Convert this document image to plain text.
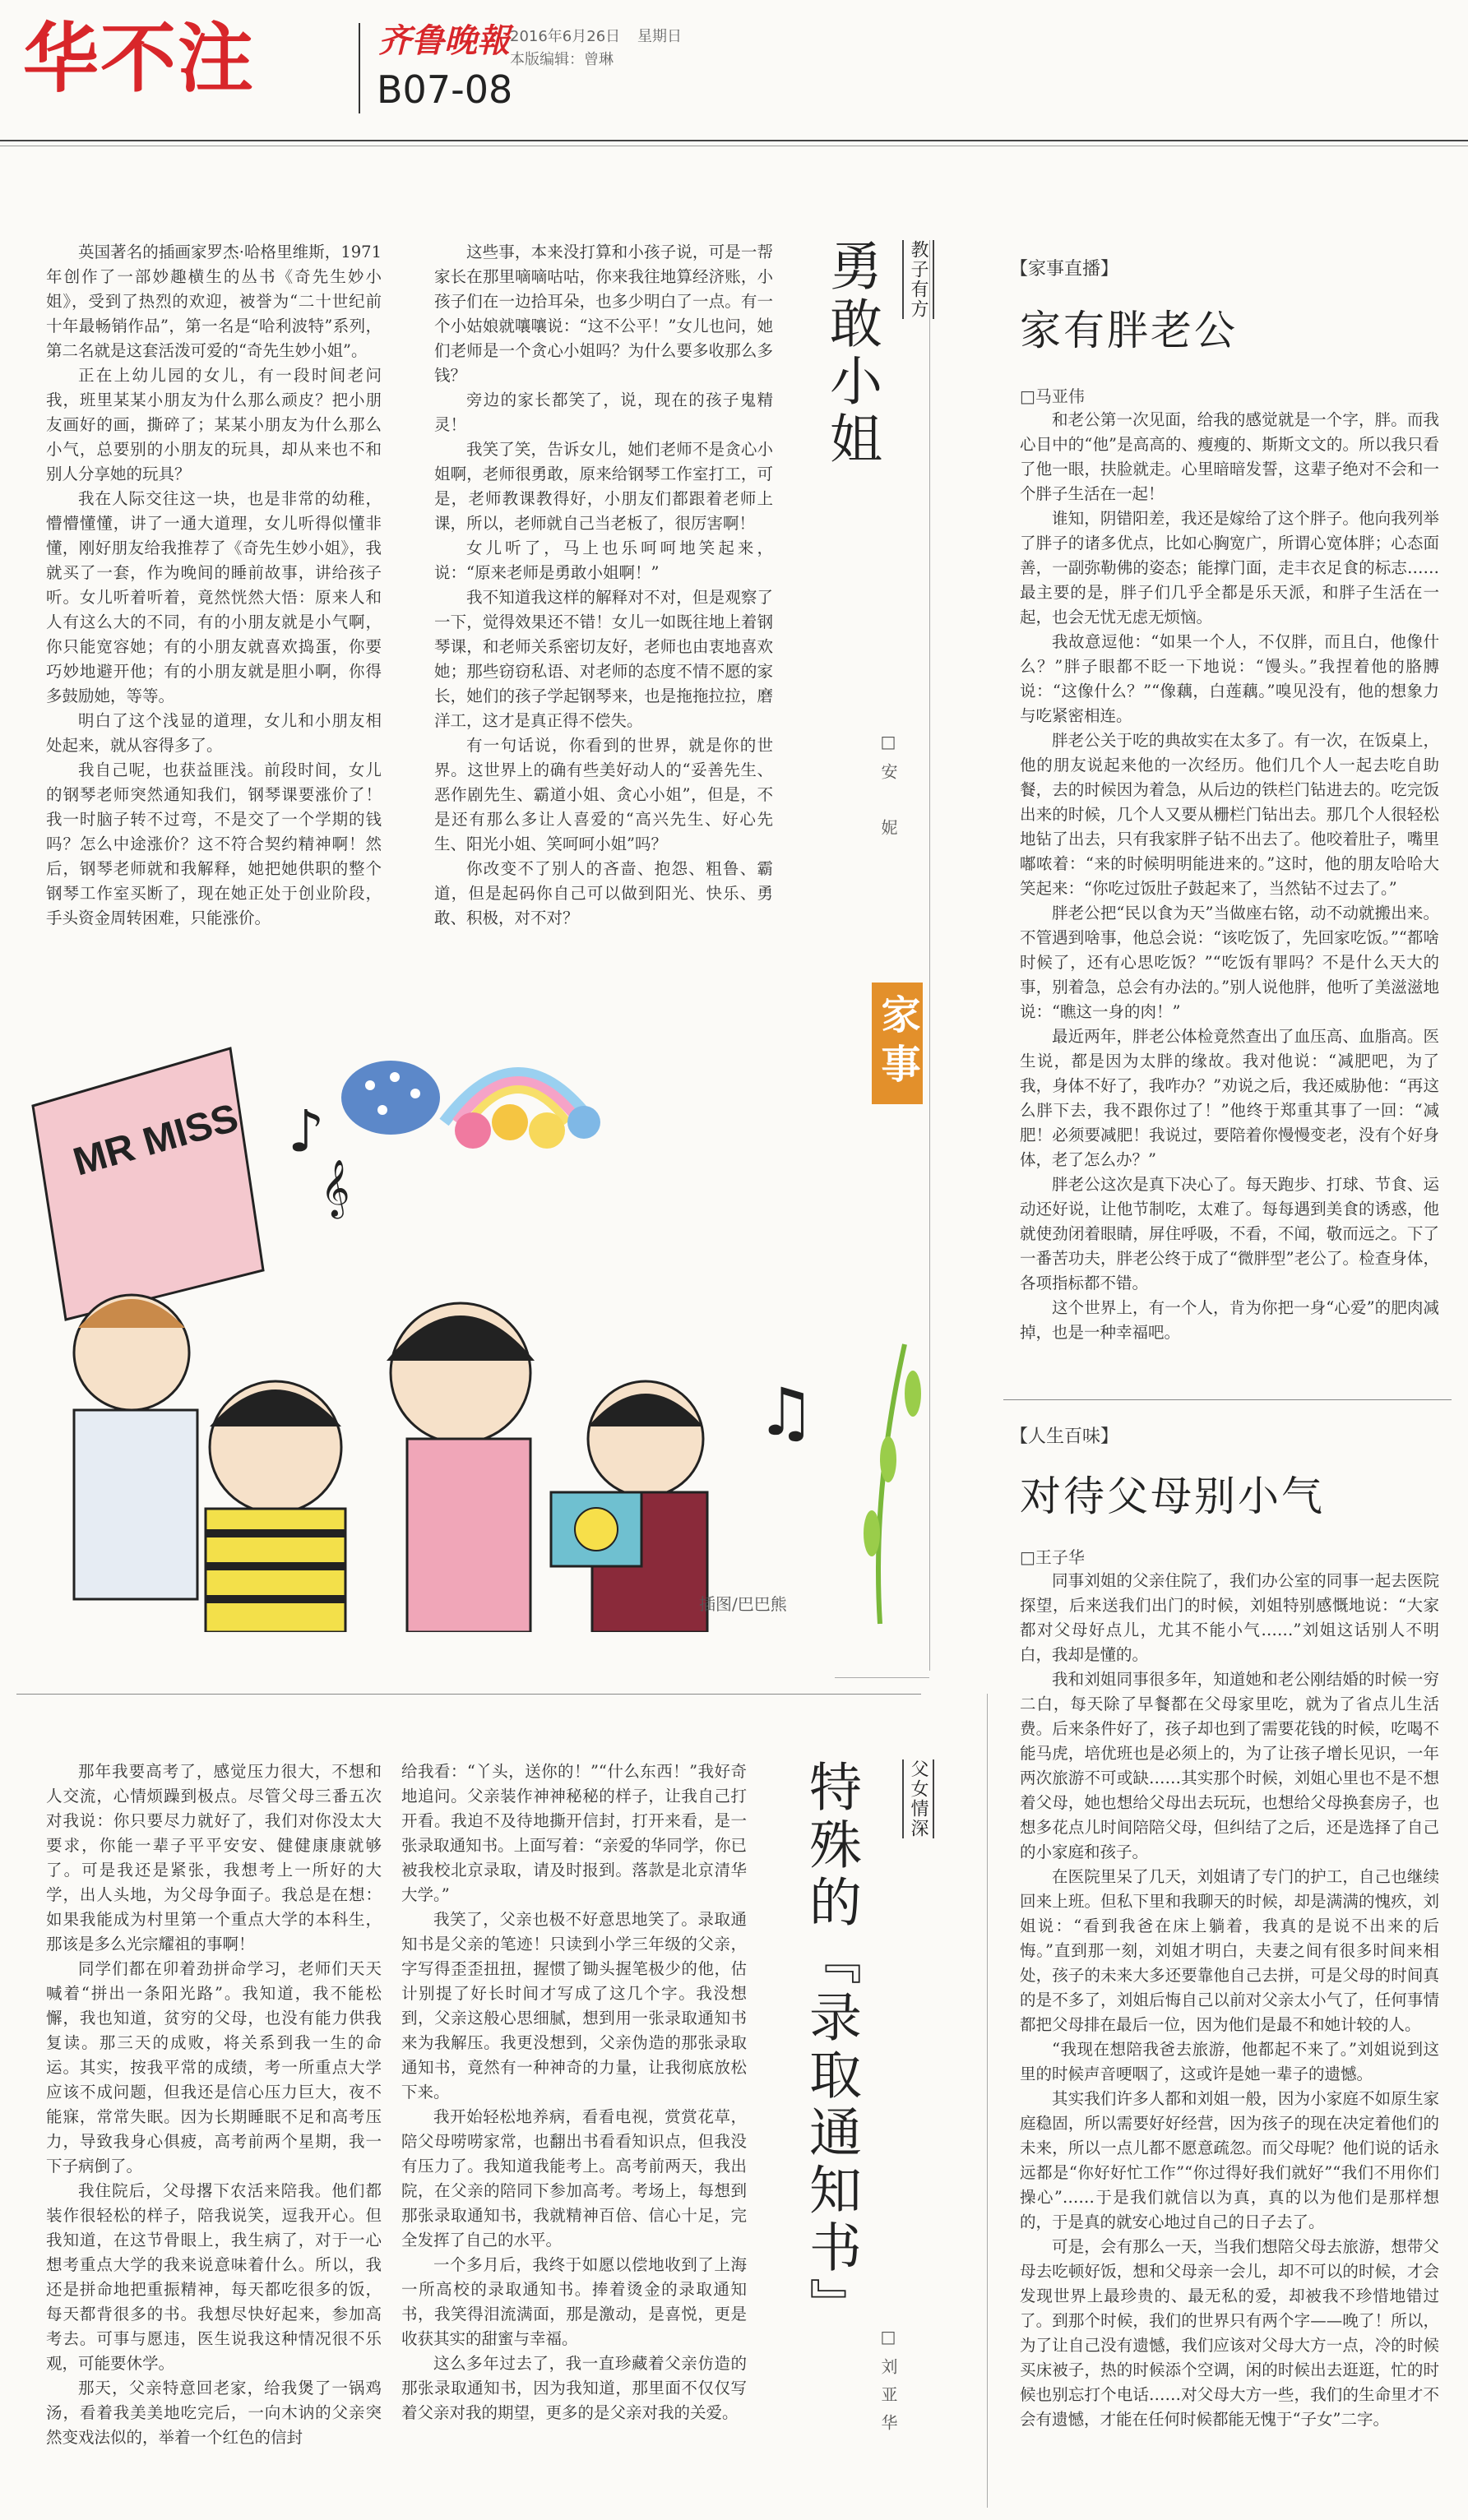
华不注	齐鲁晚報 2016年6月26日 星期日
本版编辑：曾琳
B07-08

英国著名的插画家罗杰·哈格里维斯，1971年创作了一部妙趣横生的丛书《奇先生妙小姐》，受到了热烈的欢迎，被誉为“二十世纪前十年最畅销作品”，第一名是“哈利波特”系列，第二名就是这套活泼可爱的“奇先生妙小姐”。

正在上幼儿园的女儿，有一段时间老问我，班里某某小朋友为什么那么顽皮？把小朋友画好的画，撕碎了；某某小朋友为什么那么小气，总要别的小朋友的玩具，却从来也不和别人分享她的玩具？

我在人际交往这一块，也是非常的幼稚，懵懵懂懂，讲了一通大道理，女儿听得似懂非懂，刚好朋友给我推荐了《奇先生妙小姐》，我就买了一套，作为晚间的睡前故事，讲给孩子听。女儿听着听着，竟然恍然大悟：原来人和人有这么大的不同，有的小朋友就是小气啊，你只能宽容她；有的小朋友就喜欢捣蛋，你要巧妙地避开他；有的小朋友就是胆小啊，你得多鼓励她，等等。

明白了这个浅显的道理，女儿和小朋友相处起来，就从容得多了。

我自己呢，也获益匪浅。前段时间，女儿的钢琴老师突然通知我们，钢琴课要涨价了！我一时脑子转不过弯，不是交了一个学期的钱吗？怎么中途涨价？这不符合契约精神啊！然后，钢琴老师就和我解释，她把她供职的整个钢琴工作室买断了，现在她正处于创业阶段，手头资金周转困难，只能涨价。

这些事，本来没打算和小孩子说，可是一帮家长在那里嘀嘀咕咕，你来我往地算经济账，小孩子们在一边拾耳朵，也多少明白了一点。有一个小姑娘就嚷嚷说：“这不公平！”女儿也问，她们老师是一个贪心小姐吗？为什么要多收那么多钱？

旁边的家长都笑了，说，现在的孩子鬼精灵！

我笑了笑，告诉女儿，她们老师不是贪心小姐啊，老师很勇敢，原来给钢琴工作室打工，可是，老师教课教得好，小朋友们都跟着老师上课，所以，老师就自己当老板了，很厉害啊！

女儿听了，马上也乐呵呵地笑起来，说：“原来老师是勇敢小姐啊！”

我不知道我这样的解释对不对，但是观察了一下，觉得效果还不错！女儿一如既往地上着钢琴课，和老师关系密切友好，老师也由衷地喜欢她；那些窃窃私语、对老师的态度不情不愿的家长，她们的孩子学起钢琴来，也是拖拖拉拉，磨洋工，这才是真正得不偿失。

有一句话说，你看到的世界，就是你的世界。这世界上的确有些美好动人的“妥善先生、恶作剧先生、霸道小姐、贪心小姐”，但是，不是还有那么多让人喜爱的“高兴先生、好心先生、阳光小姐、笑呵呵小姐”吗？

你改变不了别人的吝啬、抱怨、粗鲁、霸道，但是起码你自己可以做到阳光、快乐、勇敢、积极，对不对？

勇敢小姐	教子有方
□安　妮
家事
MR MISS ♪
𝄞
♫
插图/巴巴熊
【家事直播】
家有胖老公
□马亚伟

和老公第一次见面，给我的感觉就是一个字，胖。而我心目中的“他”是高高的、瘦瘦的、斯斯文文的。所以我只看了他一眼，扶脸就走。心里暗暗发誓，这辈子绝对不会和一个胖子生活在一起！

谁知，阴错阳差，我还是嫁给了这个胖子。他向我列举了胖子的诸多优点，比如心胸宽广，所谓心宽体胖；心态面善，一副弥勒佛的姿态；能撑门面，走丰衣足食的标志……最主要的是，胖子们几乎全都是乐天派，和胖子生活在一起，也会无忧无虑无烦恼。

我故意逗他：“如果一个人，不仅胖，而且白，他像什么？”胖子眼都不眨一下地说：“馒头。”我捏着他的胳膊说：“这像什么？”“像藕，白莲藕。”嗅见没有，他的想象力与吃紧密相连。

胖老公关于吃的典故实在太多了。有一次，在饭桌上，他的朋友说起来他的一次经历。他们几个人一起去吃自助餐，去的时候因为着急，从后边的铁栏门钻进去的。吃完饭出来的时候，几个人又要从栅栏门钻出去。那几个人很轻松地钻了出去，只有我家胖子钻不出去了。他咬着肚子，嘴里嘟哝着：“来的时候明明能进来的。”这时，他的朋友哈哈大笑起来：“你吃过饭肚子鼓起来了，当然钻不过去了。”

胖老公把“民以食为天”当做座右铭，动不动就搬出来。不管遇到啥事，他总会说：“该吃饭了，先回家吃饭。”“都啥时候了，还有心思吃饭？”“吃饭有罪吗？不是什么天大的事，别着急，总会有办法的。”别人说他胖，他听了美滋滋地说：“瞧这一身的肉！”

最近两年，胖老公体检竟然查出了血压高、血脂高。医生说，都是因为太胖的缘故。我对他说：“减肥吧，为了我，身体不好了，我咋办？”劝说之后，我还威胁他：“再这么胖下去，我不跟你过了！”他终于郑重其事了一回：“减肥！必须要减肥！我说过，要陪着你慢慢变老，没有个好身体，老了怎么办？”

胖老公这次是真下决心了。每天跑步、打球、节食、运动还好说，让他节制吃，太难了。每每遇到美食的诱惑，他就使劲闭着眼睛，屏住呼吸，不看，不闻，敬而远之。下了一番苦功夫，胖老公终于成了“微胖型”老公了。检查身体，各项指标都不错。

这个世界上，有一个人，肯为你把一身“心爱”的肥肉减掉，也是一种幸福吧。

【人生百味】
对待父母别小气
□王子华

同事刘姐的父亲住院了，我们办公室的同事一起去医院探望，后来送我们出门的时候，刘姐特别感慨地说：“大家都对父母好点儿，尤其不能小气……”刘姐这话别人不明白，我却是懂的。

我和刘姐同事很多年，知道她和老公刚结婚的时候一穷二白，每天除了早餐都在父母家里吃，就为了省点儿生活费。后来条件好了，孩子却也到了需要花钱的时候，吃喝不能马虎，培优班也是必须上的，为了让孩子增长见识，一年两次旅游不可或缺……其实那个时候，刘姐心里也不是不想着父母，她也想给父母出去玩玩，也想给父母换套房子，也想多花点儿时间陪陪父母，但纠结了之后，还是选择了自己的小家庭和孩子。

在医院里呆了几天，刘姐请了专门的护工，自己也继续回来上班。但私下里和我聊天的时候，却是满满的愧疚，刘姐说：“看到我爸在床上躺着，我真的是说不出来的后悔。”直到那一刻，刘姐才明白，夫妻之间有很多时间来相处，孩子的未来大多还要靠他自己去拼，可是父母的时间真的是不多了，刘姐后悔自己以前对父亲太小气了，任何事情都把父母排在最后一位，因为他们是最不和她计较的人。

“我现在想陪我爸去旅游，他都起不来了。”刘姐说到这里的时候声音哽咽了，这或许是她一辈子的遗憾。

其实我们许多人都和刘姐一般，因为小家庭不如原生家庭稳固，所以需要好好经营，因为孩子的现在决定着他们的未来，所以一点儿都不愿意疏忽。而父母呢？他们说的话永远都是“你好好忙工作”“你过得好我们就好”“我们不用你们操心”……于是我们就信以为真，真的以为他们是那样想的，于是真的就安心地过自己的日子去了。

可是，会有那么一天，当我们想陪父母去旅游，想带父母去吃顿好饭，想和父母亲一会儿，却不可以的时候，才会发现世界上最珍贵的、最无私的爱，却被我不珍惜地错过了。到那个时候，我们的世界只有两个字——晚了！所以，为了让自己没有遗憾，我们应该对父母大方一点，冷的时候买床被子，热的时候添个空调，闲的时候出去逛逛，忙的时候也别忘打个电话……对父母大方一些，我们的生命里才不会有遗憾，才能在任何时候都能无愧于“子女”二字。

那年我要高考了，感觉压力很大，不想和人交流，心情烦躁到极点。尽管父母三番五次对我说：你只要尽力就好了，我们对你没太大要求，你能一辈子平平安安、健健康康就够了。可是我还是紧张，我想考上一所好的大学，出人头地，为父母争面子。我总是在想：如果我能成为村里第一个重点大学的本科生，那该是多么光宗耀祖的事啊！

同学们都在卯着劲拼命学习，老师们天天喊着“拼出一条阳光路”。我知道，我不能松懈，我也知道，贫穷的父母，也没有能力供我复读。那三天的成败，将关系到我一生的命运。其实，按我平常的成绩，考一所重点大学应该不成问题，但我还是信心压力巨大，夜不能寐，常常失眠。因为长期睡眠不足和高考压力，导致我身心俱疲，高考前两个星期，我一下子病倒了。

我住院后，父母撂下农活来陪我。他们都装作很轻松的样子，陪我说笑，逗我开心。但我知道，在这节骨眼上，我生病了，对于一心想考重点大学的我来说意味着什么。所以，我还是拼命地把重振精神，每天都吃很多的饭，每天都背很多的书。我想尽快好起来，参加高考去。可事与愿违，医生说我这种情况很不乐观，可能要休学。

那天，父亲特意回老家，给我煲了一锅鸡汤，看着我美美地吃完后，一向木讷的父亲突然变戏法似的，举着一个红色的信封

给我看：“丫头，送你的！”“什么东西！”我好奇地追问。父亲装作神神秘秘的样子，让我自己打开看。我迫不及待地撕开信封，打开来看，是一张录取通知书。上面写着：“亲爱的华同学，你已被我校北京录取，请及时报到。落款是北京清华大学。”

我笑了，父亲也极不好意思地笑了。录取通知书是父亲的笔迹！只读到小学三年级的父亲，字写得歪歪扭扭，握惯了锄头握笔极少的他，估计别提了好长时间才写成了这几个字。我没想到，父亲这般心思细腻，想到用一张录取通知书来为我解压。我更没想到，父亲伪造的那张录取通知书，竟然有一种神奇的力量，让我彻底放松下来。

我开始轻松地养病，看看电视，赏赏花草，陪父母唠唠家常，也翻出书看看知识点，但我没有压力了。我知道我能考上。高考前两天，我出院，在父亲的陪同下参加高考。考场上，每想到那张录取通知书，我就精神百倍、信心十足，完全发挥了自己的水平。

一个多月后，我终于如愿以偿地收到了上海一所高校的录取通知书。捧着烫金的录取通知书，我笑得泪流满面，那是激动，是喜悦，更是收获其实的甜蜜与幸福。

这么多年过去了，我一直珍藏着父亲仿造的那张录取通知书，因为我知道，那里面不仅仅写着父亲对我的期望，更多的是父亲对我的关爱。

特殊的『录取通知书』	父女情深
□刘亚华
